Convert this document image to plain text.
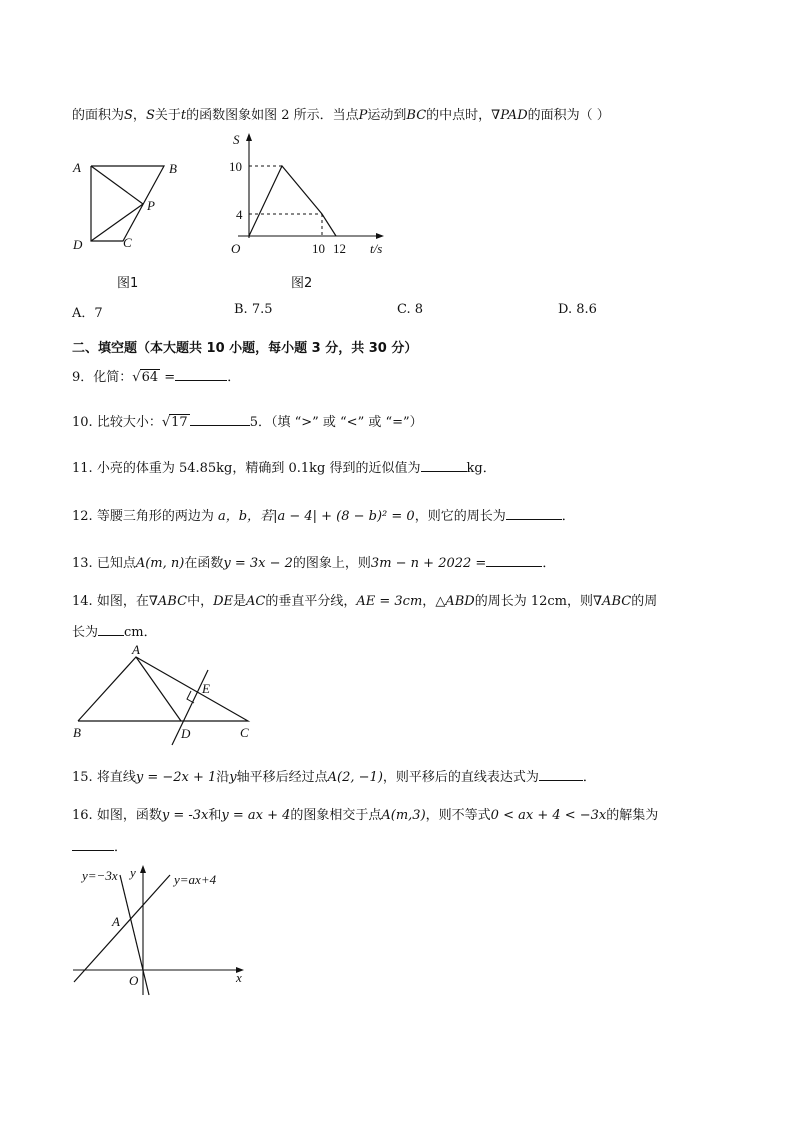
的面积为S，S关于t的函数图象如图 2 所示．当点P运动到BC的中点时，∇PAD的面积为（ ）
A	B
P
D	C
图1
S
10
4
O	10 12 t/s
图2
A．7	B. 7.5	C. 8	D. 8.6
二、填空题（本大题共 10 小题，每小题 3 分，共 30 分）
9．化简：√64 =	．
10. 比较大小：√17	5．（填 “>” 或 “<” 或 “=”）
11. 小亮的体重为 54.85kg，精确到 0.1kg 得到的近似值为	kg．
12. 等腰三角形的两边为 a，b，若|a − 4| + (8 − b)² = 0，则它的周长为	．
13. 已知点A(m, n)在函数y = 3x − 2的图象上，则3m − n + 2022 =	．
14. 如图，在∇ABC中，DE是AC的垂直平分线，AE = 3cm，△ABD的周长为 12cm，则∇ABC的周
长为 cm．
A
E
B	D	C
15. 将直线y = −2x + 1沿y轴平移后经过点A(2, −1)，则平移后的直线表达式为	．
16. 如图，函数y = -3x和y = ax + 4的图象相交于点A(m,3)，则不等式0 < ax + 4 < −3x的解集为
．
y=−3x y	y=ax+4
A
O	x
